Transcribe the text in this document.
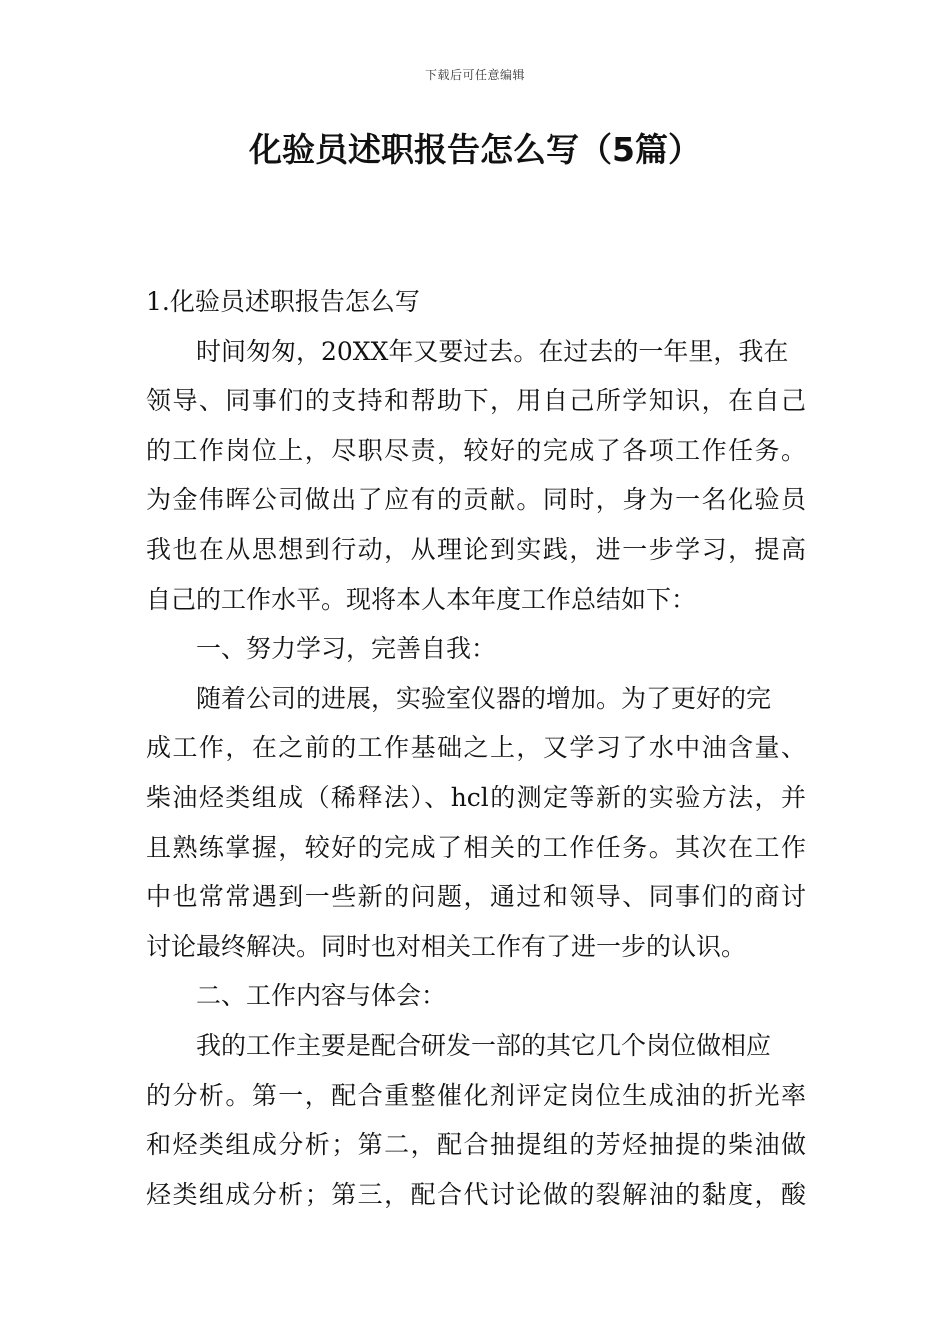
下载后可任意编辑
化验员述职报告怎么写（5篇）
1.化验员述职报告怎么写
时间匆匆，20XX年又要过去。在过去的一年里，我在
领导、同事们的支持和帮助下，用自己所学知识，在自己
的工作岗位上，尽职尽责，较好的完成了各项工作任务。
为金伟晖公司做出了应有的贡献。同时，身为一名化验员
我也在从思想到行动，从理论到实践，进一步学习，提高
自己的工作水平。现将本人本年度工作总结如下：
一、努力学习，完善自我：
随着公司的进展，实验室仪器的增加。为了更好的完
成工作，在之前的工作基础之上，又学习了水中油含量、
柴油烃类组成（稀释法）、hcl的测定等新的实验方法，并
且熟练掌握，较好的完成了相关的工作任务。其次在工作
中也常常遇到一些新的问题，通过和领导、同事们的商讨
讨论最终解决。同时也对相关工作有了进一步的认识。
二、工作内容与体会：
我的工作主要是配合研发一部的其它几个岗位做相应
的分析。第一，配合重整催化剂评定岗位生成油的折光率
和烃类组成分析；第二，配合抽提组的芳烃抽提的柴油做
烃类组成分析；第三，配合代讨论做的裂解油的黏度，酸
